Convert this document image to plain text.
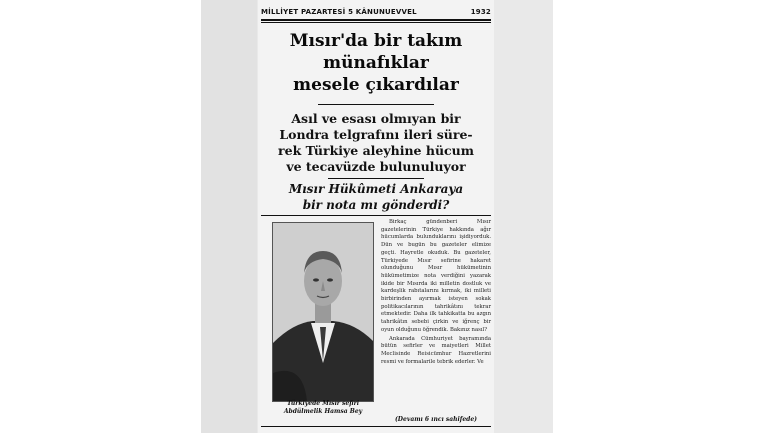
MİLLİYET PAZARTESİ 5 KÂNUNUEVVEL	1932
Mısır'da bir takım
münafıklar
mesele çıkardılar
Asıl ve esası olmıyan bir
Londra telgrafını ileri süre-
rek Türkiye aleyhine hücum
ve tecavüzde bulunuluyor
Mısır Hükûmeti Ankaraya
bir nota mı gönderdi?
Türkiyede Mısır sefiri
Abdülmelik Hamsa Bey

Birkaç gündenberi Mısır gazetelerinin Türkiye hakkında ağır hücumlarda bulunduklarını işidiyorduk. Dün ve bugün bu gazeteler elimize geçti. Hayretle okuduk. Bu gazeteler, Türkiyede Mısır sefirine hakaret olunduğunu Mısır hükümetinin hükümetimize nota verdiğini yazarak ikide bir Mısırda iki milletin dostluk ve kardeşlik rabıtalarını kırmak, iki milleti birbirinden ayırmak isteyen sokak politikacılarının tahrikâtını tekrar etmektedir. Daha ilk tahkikatta bu azgın tahrikâtın sebebi çirkin ve iğrenç bir oyun olduğunu öğrendik. Bakınız nasıl?

Ankarada Cümhuriyet bayramında bütün sefirler ve maiyetleri Millet Meclisinde Reisicümhur Hazretlerini resmi ve formalarile tebrik ederler. Ve

(Devamı 6 ıncı sahifede)
